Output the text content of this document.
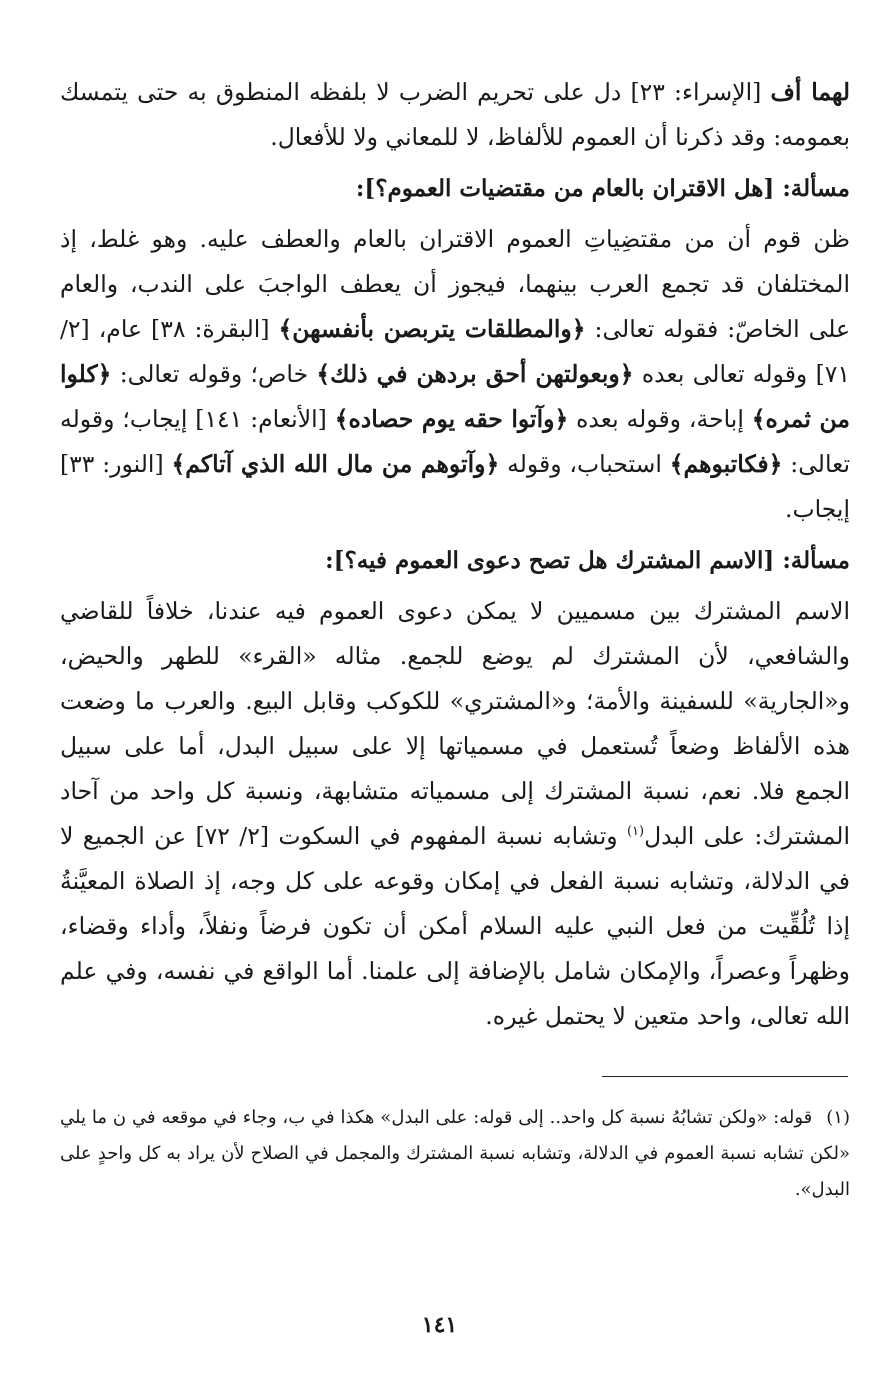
لهما أف [الإسراء: ٢٣] دل على تحريم الضرب لا بلفظه المنطوق به حتى يتمسك بعمومه: وقد ذكرنا أن العموم للألفاظ، لا للمعاني ولا للأفعال.

مسألة: [هل الاقتران بالعام من مقتضيات العموم؟]:

ظن قوم أن من مقتضِياتِ العموم الاقتران بالعام والعطف عليه. وهو غلط، إذ المختلفان قد تجمع العرب بينهما، فيجوز أن يعطف الواجبَ على الندب، والعام على الخاصّ: فقوله تعالى: ﴿والمطلقات يتربصن بأنفسهن﴾ [البقرة: ٣٨] عام، [٢/ ٧١] وقوله تعالى بعده ﴿وبعولتهن أحق بردهن في ذلك﴾ خاص؛ وقوله تعالى: ﴿كلوا من ثمره﴾ إباحة، وقوله بعده ﴿وآتوا حقه يوم حصاده﴾ [الأنعام: ١٤١] إيجاب؛ وقوله تعالى: ﴿فكاتبوهم﴾ استحباب، وقوله ﴿وآتوهم من مال الله الذي آتاكم﴾ [النور: ٣٣] إيجاب.

مسألة: [الاسم المشترك هل تصح دعوى العموم فيه؟]:

الاسم المشترك بين مسميين لا يمكن دعوى العموم فيه عندنا، خلافاً للقاضي والشافعي، لأن المشترك لم يوضع للجمع. مثاله «القرء» للطهر والحيض، و«الجارية» للسفينة والأمة؛ و«المشتري» للكوكب وقابل البيع. والعرب ما وضعت هذه الألفاظ وضعاً تُستعمل في مسمياتها إلا على سبيل البدل، أما على سبيل الجمع فلا. نعم، نسبة المشترك إلى مسمياته متشابهة، ونسبة كل واحد من آحاد المشترك: على البدل$^{(١)}$ وتشابه نسبة المفهوم في السكوت [٢/ ٧٢] عن الجميع لا في الدلالة، وتشابه نسبة الفعل في إمكان وقوعه على كل وجه، إذ الصلاة المعيَّنةُ إذا تُلُقِّيت من فعل النبي عليه السلام أمكن أن تكون فرضاً ونفلاً، وأداء وقضاء، وظهراً وعصراً، والإمكان شامل بالإضافة إلى علمنا. أما الواقع في نفسه، وفي علم الله تعالى، واحد متعين لا يحتمل غيره.

(١)قوله: «ولكن تشابُهُ نسبة كل واحد.. إلى قوله: على البدل» هكذا في ب، وجاء في موقعه في ن ما يلي «لكن تشابه نسبة العموم في الدلالة، وتشابه نسبة المشترك والمجمل في الصلاح لأن يراد به كل واحدٍ على البدل».
١٤١
